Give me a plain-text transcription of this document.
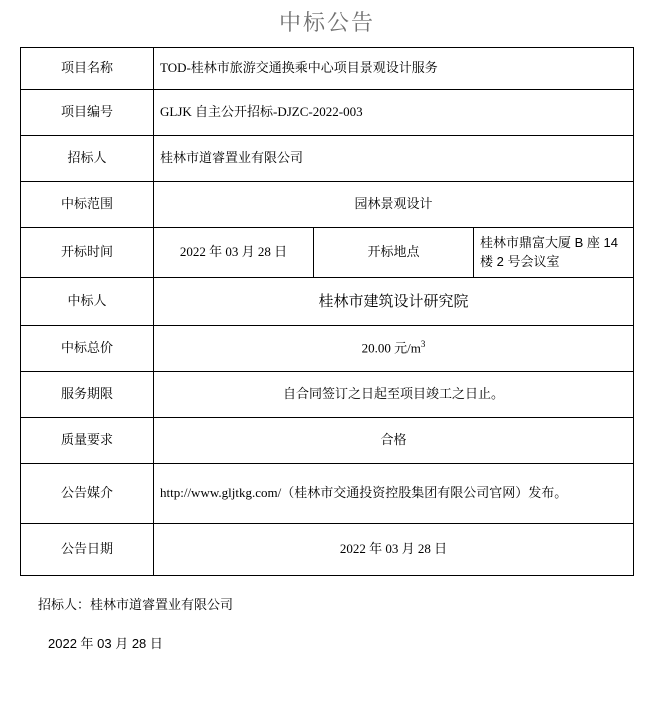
中标公告
项目名称	TOD-桂林市旅游交通换乘中心项目景观设计服务		
项目编号	GLJK 自主公开招标-DJZC-2022-003		
招标人	桂林市道睿置业有限公司		
中标范围	园林景观设计		
开标时间	2022 年 03 月 28 日	开标地点	桂林市鼎富大厦 B 座 14 楼 2 号会议室
中标人	桂林市建筑设计研究院		
中标总价	20.00 元$/m^3$
服务期限	自合同签订之日起至项目竣工之日止。		
质量要求	合格		
公告媒介	http://www.gljtkg.com/（桂林市交通投资控股集团有限公司官网）发布。		
公告日期	2022 年 03 月 28 日		
招标人：桂林市道睿置业有限公司
2022 年 03 月 28 日
